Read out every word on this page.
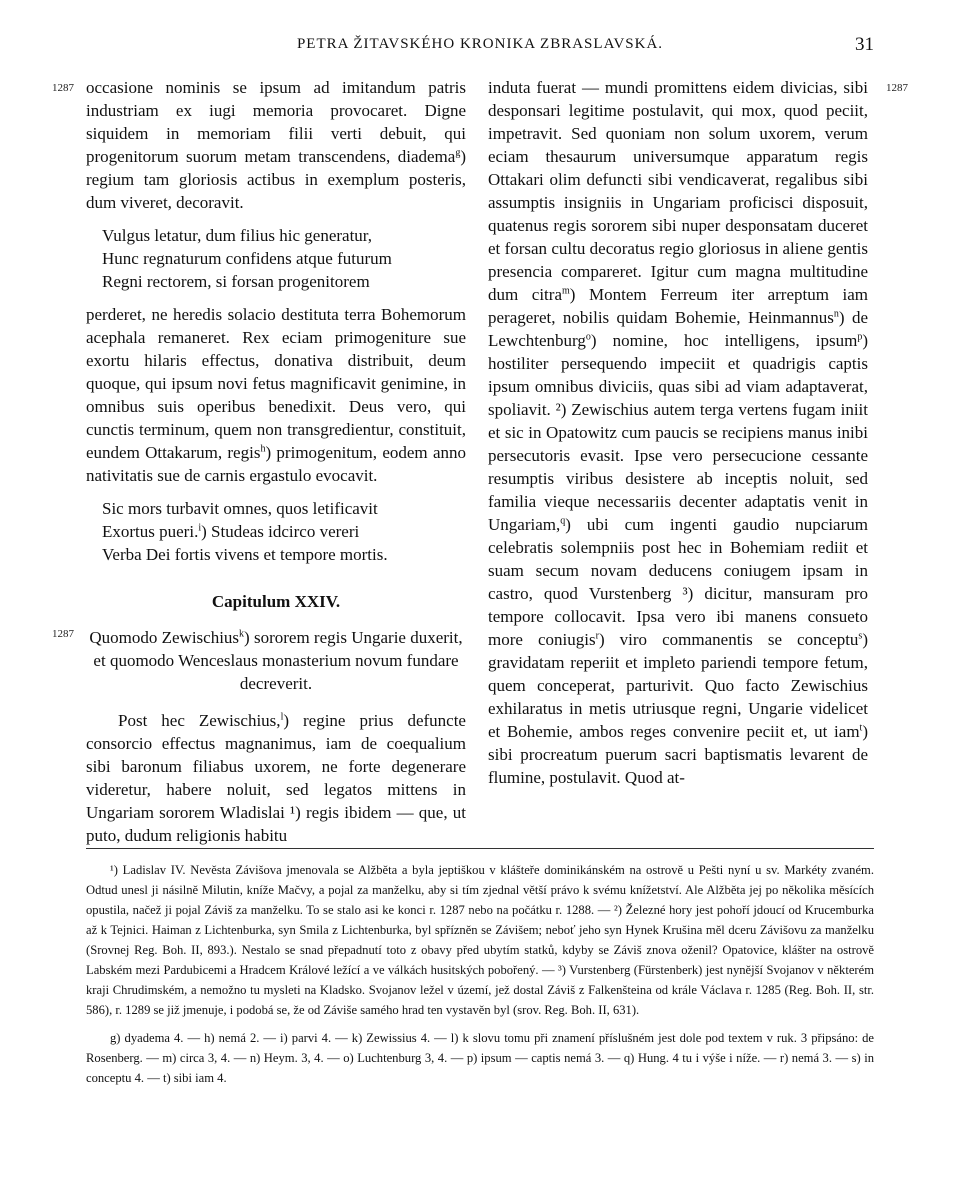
PETRA ŽITAVSKÉHO KRONIKA ZBRASLAVSKÁ.	31
1287	1287
1287

occasione nominis se ipsum ad imitandum patris industriam ex iugi memoria provocaret. Digne siquidem in memoriam filii verti debuit, qui progenitorum suorum metam transcendens, diadema$^g$) regium tam gloriosis actibus in exemplum posteris, dum viveret, decoravit.

Vulgus letatur, dum filius hic generatur,
Hunc regnaturum confidens atque futurum
Regni rectorem, si forsan progenitorem

perderet, ne heredis solacio destituta terra Bohemorum acephala remaneret. Rex eciam primogeniture sue exortu hilaris effectus, donativa distribuit, deum quoque, qui ipsum novi fetus magnificavit genimine, in omnibus suis operibus benedixit. Deus vero, qui cunctis terminum, quem non transgredientur, constituit, eundem Ottakarum, regis$^h$) primogenitum, eodem anno nativitatis sue de carnis ergastulo evocavit.

Sic mors turbavit omnes, quos letificavit
Exortus pueri.$^i$) Studeas idcirco vereri
Verba Dei fortis vivens et tempore mortis.
Capitulum XXIV.

Quomodo Zewischius$^k$) sororem regis Ungarie duxerit, et quomodo Wenceslaus monasterium novum fundare decreverit.

Post hec Zewischius,$^l$) regine prius defuncte consorcio effectus magnanimus, iam de coequalium sibi baronum filiabus uxorem, ne forte degenerare videretur, habere noluit, sed legatos mittens in Ungariam sororem Wladislai ¹) regis ibidem — que, ut puto, dudum religionis habitu

induta fuerat — mundi promittens eidem divicias, sibi desponsari legitime postulavit, qui mox, quod peciit, impetravit. Sed quoniam non solum uxorem, verum eciam thesaurum universumque apparatum regis Ottakari olim defuncti sibi vendicaverat, regalibus sibi assumptis insigniis in Ungariam proficisci disposuit, quatenus regis sororem sibi nuper desponsatam duceret et forsan cultu decoratus regio gloriosus in aliene gentis presencia compareret. Igitur cum magna multitudine dum citra$^m$) Montem Ferreum iter arreptum iam perageret, nobilis quidam Bohemie, Heinmannus$^n$) de Lewchtenburg$^o$) nomine, hoc intelligens, ipsum$^p$) hostiliter persequendo impeciit et quadrigis captis ipsum omnibus diviciis, quas sibi ad viam adaptaverat, spoliavit. ²) Zewischius autem terga vertens fugam iniit et sic in Opatowitz cum paucis se recipiens manus inibi persecutoris evasit. Ipse vero persecucione cessante resumptis viribus desistere ab inceptis noluit, sed familia vieque necessariis decenter adaptatis venit in Ungariam,$^q$) ubi cum ingenti gaudio nupciarum celebratis solempniis post hec in Bohemiam rediit et suam secum novam deducens coniugem ipsam in castro, quod Vurstenberg ³) dicitur, mansuram pro tempore collocavit. Ipsa vero ibi manens consueto more coniugis$^r$) viro commanentis se conceptu$^s$) gravidatam reperiit et impleto pariendi tempore fetum, quem conceperat, parturivit. Quo facto Zewischius exhilaratus in metis utriusque regni, Ungarie videlicet et Bohemie, ambos reges convenire peciit et, ut iam$^t$) sibi procreatum puerum sacri baptismatis levarent de flumine, postulavit. Quod at-

¹) Ladislav IV. Nevěsta Závišova jmenovala se Alžběta a byla jeptiškou v klášteře dominikánském na ostrově u Pešti nyní u sv. Markéty zvaném. Odtud unesl ji násilně Milutin, kníže Mačvy, a pojal za manželku, aby si tím zjednal větší právo k svému knížetství. Ale Alžběta jej po několika měsících opustila, načež ji pojal Záviš za manželku. To se stalo asi ke konci r. 1287 nebo na počátku r. 1288. — ²) Železné hory jest pohoří jdoucí od Krucemburka až k Tejnici. Haiman z Lichtenburka, syn Smila z Lichtenburka, byl spřízněn se Závišem; neboť jeho syn Hynek Krušina měl dceru Závišovu za manželku (Srovnej Reg. Boh. II, 893.). Nestalo se snad přepadnutí toto z obavy před ubytím statků, kdyby se Záviš znova oženil? Opatovice, klášter na ostrově Labském mezi Pardubicemi a Hradcem Králové ležící a ve válkách husitských pobořený. — ³) Vurstenberg (Fürstenberk) jest nynější Svojanov v některém kraji Chrudimském, a nemožno tu mysleti na Kladsko. Svojanov ležel v území, jež dostal Záviš z Falkenšteina od krále Václava r. 1285 (Reg. Boh. II, str. 586), r. 1289 se již jmenuje, i podobá se, že od Záviše samého hrad ten vystavěn byl (srov. Reg. Boh. II, 631).

g) dyadema 4. — h) nemá 2. — i) parvi 4. — k) Zewissius 4. — l) k slovu tomu při znamení příslušném jest dole pod textem v ruk. 3 připsáno: de Rosenberg. — m) circa 3, 4. — n) Heym. 3, 4. — o) Luchtenburg 3, 4. — p) ipsum — captis nemá 3. — q) Hung. 4 tu i výše i níže. — r) nemá 3. — s) in conceptu 4. — t) sibi iam 4.
